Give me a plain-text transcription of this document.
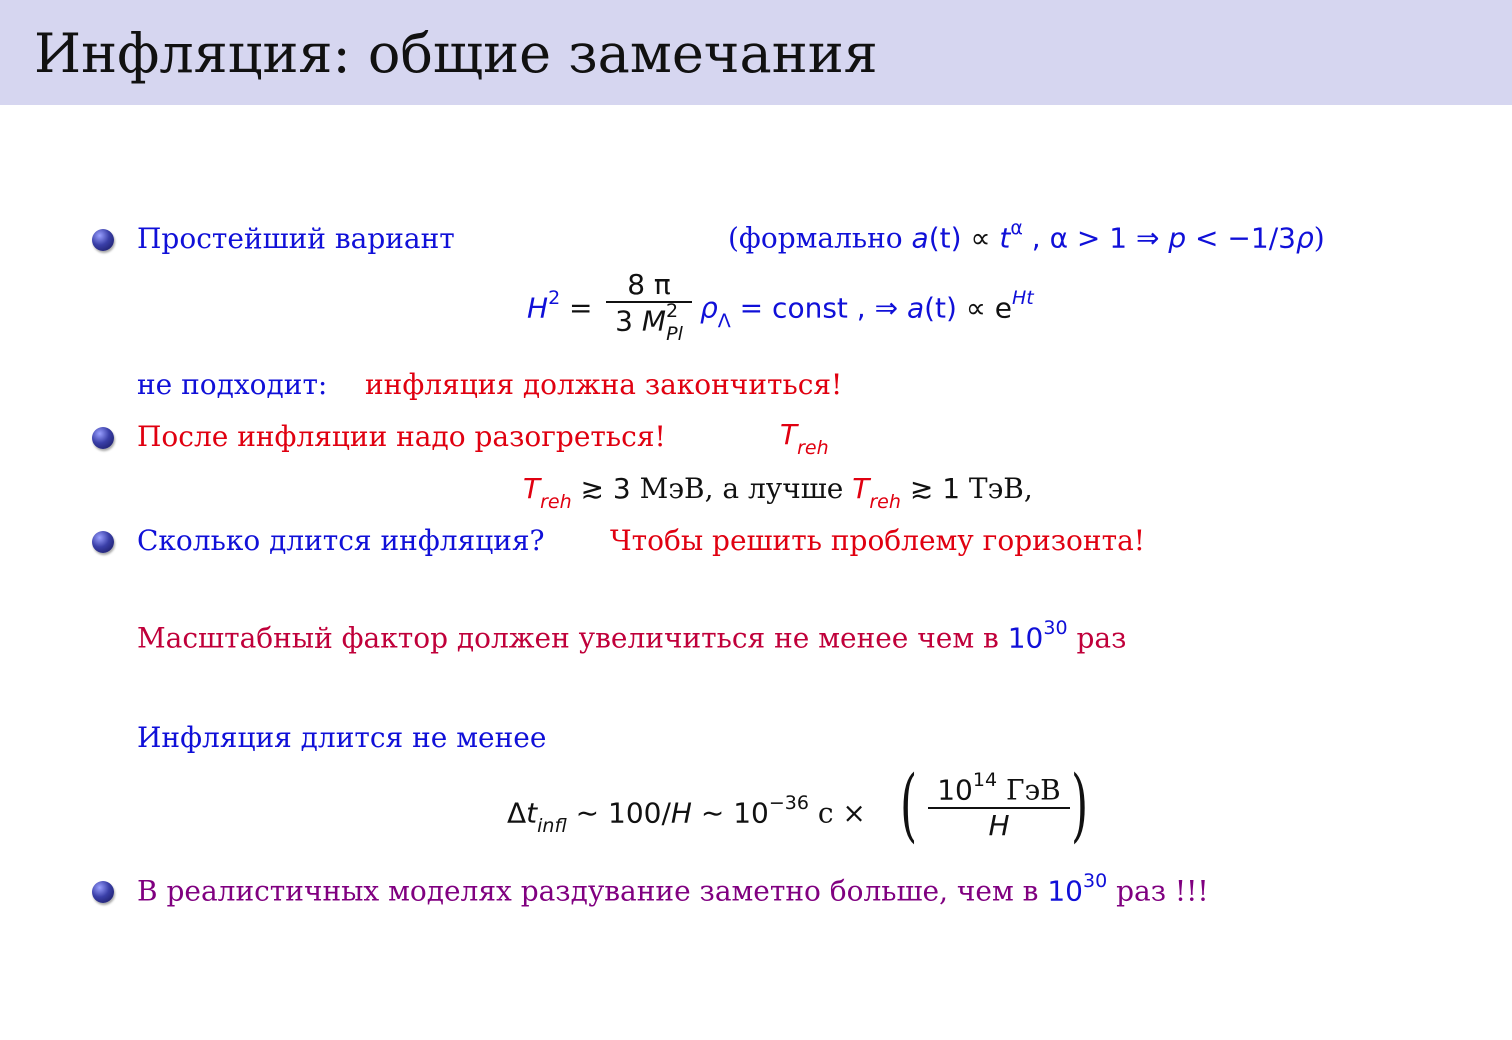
Инфляция: общие замечания
Простейший вариант	(формально $a(t) \propto t^\alpha$ , α > 1 ⇒ p < −1/3ρ)
$H^2$ =
8 π
3 $M^2_{Pl}$
$\rho_\Lambda$ = const , ⇒ $a(t) \propto e^{Ht}$
не подходит: инфляция должна закончиться!
После инфляции надо разогреться!	$T_{reh}$
$T_{reh}$ ≳ 3 МэВ, а лучше $T_{reh}$ ≳ 1 ТэВ,
Сколько длится инфляция? Чтобы решить проблему горизонта!
Масштабный фактор должен увеличиться не менее чем в $10^{30}$ раз
Инфляция длится не менее
$\Delta t_{infl}$ ∼ 100/H ∼ $10^{-36}$ с × ( $10^{14}$ ГэВ
H )
В реалистичных моделях раздувание заметно больше, чем в $10^{30}$ раз !!!
